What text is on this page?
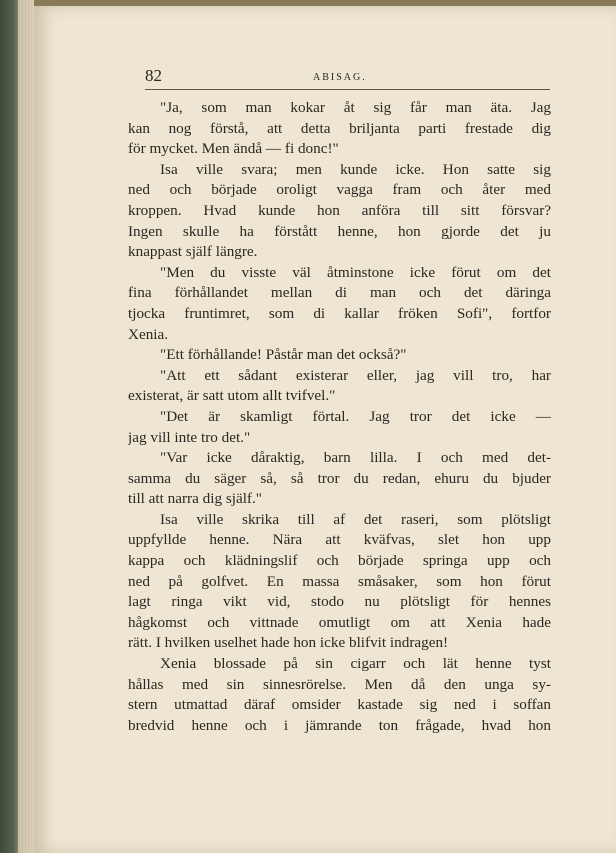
82	ABISAG.
"Ja, som man kokar åt sig får man äta. Jag
kan nog förstå, att detta briljanta parti frestade dig
för mycket. Men ändå — fi donc!"
Isa ville svara; men kunde icke. Hon satte sig
ned och började oroligt vagga fram och åter med
kroppen. Hvad kunde hon anföra till sitt försvar?
Ingen skulle ha förstått henne, hon gjorde det ju
knappast själf längre.
"Men du visste väl åtminstone icke förut om det
fina förhållandet mellan di man och det däringa
tjocka fruntimret, som di kallar fröken Sofi", fortfor
Xenia.
"Ett förhållande! Påstår man det också?"
"Att ett sådant existerar eller, jag vill tro, har
existerat, är satt utom allt tvifvel."
"Det är skamligt förtal. Jag tror det icke —
jag vill inte tro det."
"Var icke dåraktig, barn lilla. I och med det-
samma du säger så, så tror du redan, ehuru du bjuder
till att narra dig själf."
Isa ville skrika till af det raseri, som plötsligt
uppfyllde henne. Nära att kväfvas, slet hon upp
kappa och klädningslif och började springa upp och
ned på golfvet. En massa småsaker, som hon förut
lagt ringa vikt vid, stodo nu plötsligt för hennes
hågkomst och vittnade omutligt om att Xenia hade
rätt. I hvilken uselhet hade hon icke blifvit indragen!
Xenia blossade på sin cigarr och lät henne tyst
hållas med sin sinnesrörelse. Men då den unga sy-
stern utmattad däraf omsider kastade sig ned i soffan
bredvid henne och i jämrande ton frågade, hvad hon
